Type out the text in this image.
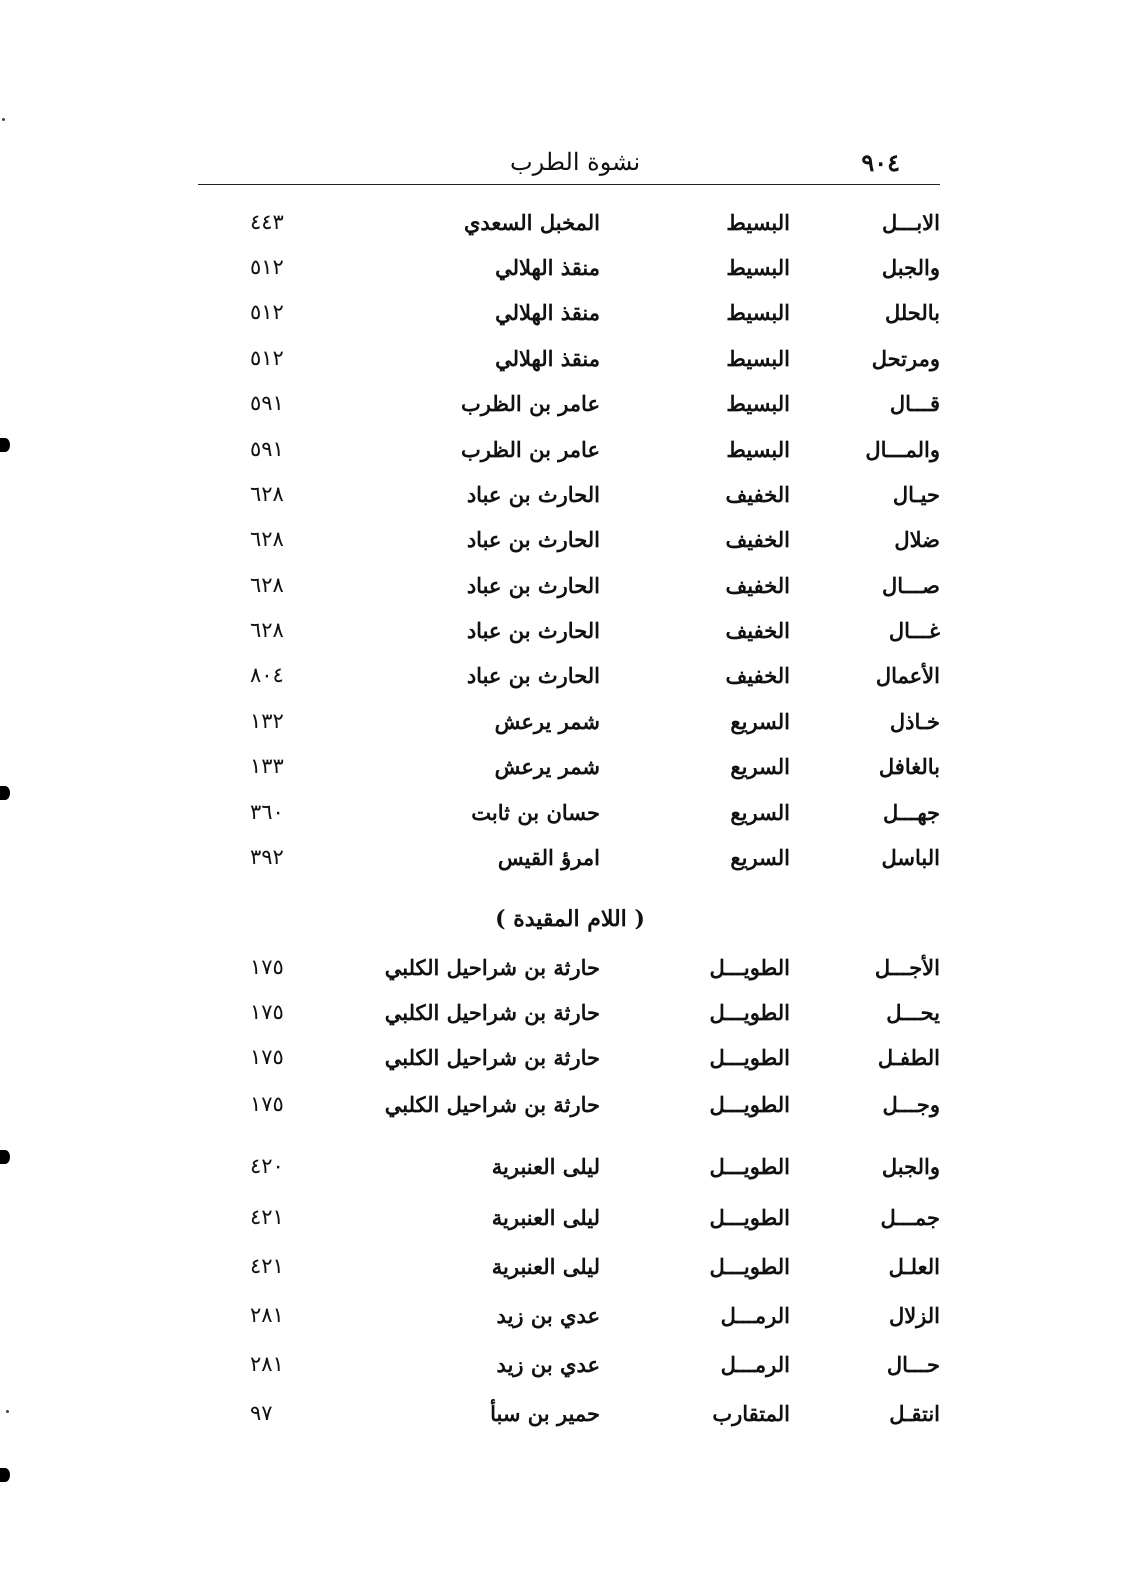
٩٠٤
نشوة الطرب
الابـــل
البسيط
المخبل السعدي
٤٤٣
والجبل
البسيط
منقذ الهلالي
٥١٢
بالحلل
البسيط
منقذ الهلالي
٥١٢
ومرتحل
البسيط
منقذ الهلالي
٥١٢
قـــال
البسيط
عامر بن الظرب
٥٩١
والمـــال
البسيط
عامر بن الظرب
٥٩١
حيـال
الخفيف
الحارث بن عباد
٦٢٨
ضلال
الخفيف
الحارث بن عباد
٦٢٨
صـــال
الخفيف
الحارث بن عباد
٦٢٨
غـــال
الخفيف
الحارث بن عباد
٦٢٨
الأعمال
الخفيف
الحارث بن عباد
٨٠٤
خـاذل
السريع
شمر يرعش
١٣٢
بالغافل
السريع
شمر يرعش
١٣٣
جهـــل
السريع
حسان بن ثابت
٣٦٠
الباسل
السريع
امرؤ القيس
٣٩٢
( اللام المقيدة )
الأجـــل
الطويـــل
حارثة بن شراحيل الكلبي
١٧٥
يحـــل
الطويـــل
حارثة بن شراحيل الكلبي
١٧٥
الطفـل
الطويـــل
حارثة بن شراحيل الكلبي
١٧٥
وجـــل
الطويـــل
حارثة بن شراحيل الكلبي
١٧٥
والجبل
الطويـــل
ليلى العنبرية
٤٢٠
جمـــل
الطويـــل
ليلى العنبرية
٤٢١
العلـل
الطويـــل
ليلى العنبرية
٤٢١
الزلال
الرمـــل
عدي بن زيد
٢٨١
حـــال
الرمـــل
عدي بن زيد
٢٨١
انتقـل
المتقارب
حمير بن سبأ
٩٧
